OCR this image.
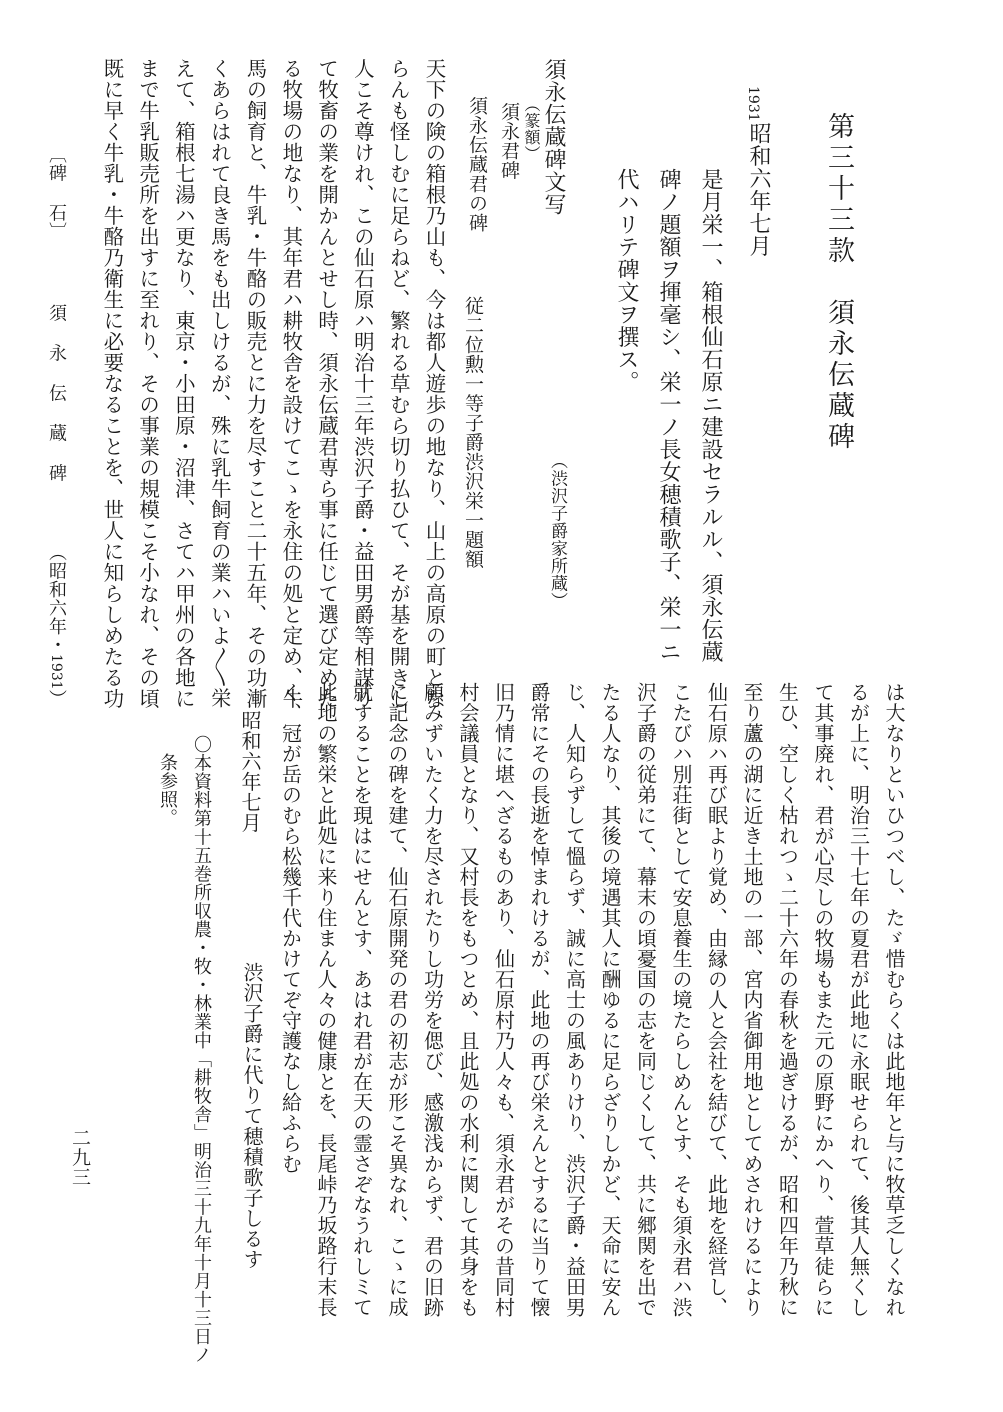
第三十三款　須永伝蔵碑
1931
昭和六年七月
是月栄一、箱根仙石原ニ建設セラルル、須永伝蔵
碑ノ題額ヲ揮毫シ、栄一ノ長女穂積歌子、栄一ニ
代ハリテ碑文ヲ撰ス。
（渋沢子爵家所蔵）
須永伝蔵碑文写
（篆額）
須永君碑
須永伝蔵君の碑
従二位勲一等子爵渋沢栄一題額
天下の険の箱根乃山も、今は都人遊歩の地なり、山上の高原の町とな
らんも怪しむに足らねど、繁れる草むら切り払ひて、そが基を開きし
人こそ尊けれ、この仙石原ハ明治十三年渋沢子爵・益田男爵等相謀り
て牧畜の業を開かんとせし時、須永伝蔵君専ら事に任じて選び定めた
る牧場の地なり、其年君ハ耕牧舎を設けてこゝを永住の処と定め、牛
馬の飼育と、牛乳・牛酪の販売とに力を尽すこと二十五年、その功漸
くあらはれて良き馬をも出しけるが、殊に乳牛飼育の業ハいよ〳〵栄
えて、箱根七湯ハ更なり、東京・小田原・沼津、さてハ甲州の各地に
まで牛乳販売所を出すに至れり、その事業の規模こそ小なれ、その頃
既に早く牛乳・牛酪乃衛生に必要なることを、世人に知らしめたる功
〔碑 石〕  須 永 伝 蔵 碑  （昭和六年・1931）	は大なりといひつべし、たゞ惜むらくは此地年と与に牧草乏しくなれ
るが上に、明治三十七年の夏君が此地に永眠せられて、後其人無くし
て其事廃れ、君が心尽しの牧場もまた元の原野にかへり、萱草徒らに
生ひ、空しく枯れつゝ二十六年の春秋を過ぎけるが、昭和四年乃秋に
至り蘆の湖に近き土地の一部、宮内省御用地としてめされけるにより
仙石原ハ再び眠より覚め、由縁の人と会社を結びて、此地を経営し、
こたびハ別荘街として安息養生の境たらしめんとす、そも須永君ハ渋
沢子爵の従弟にて、幕末の頃憂国の志を同じくして、共に郷関を出で
たる人なり、其後の境遇其人に酬ゆるに足らざりしかど、天命に安ん
じ、人知らずして慍らず、誠に高士の風ありけり、渋沢子爵・益田男
爵常にその長逝を悼まれけるが、此地の再び栄えんとするに当りて懐
旧乃情に堪へざるものあり、仙石原村乃人々も、須永君がその昔同村
村会議員となり、又村長をもつとめ、且此処の水利に関して其身をも
顧みずいたく力を尽されたりし功労を偲び、感激浅からず、君の旧跡
に記念の碑を建て、仙石原開発の君の初志が形こそ異なれ、こゝに成
就することを現はにせんとす、あはれ君が在天の霊さぞなうれしミて
此地の繁栄と此処に来り住まん人々の健康とを、長尾峠乃坂路行末長
く、冠が岳のむら松幾千代かけてぞ守護なし給ふらむ
昭和六年七月
渋沢子爵に代りて穂積歌子しるす
〇本資料第十五巻所収農・牧・林業中「耕牧舎」明治三十九年十月十三日ノ
条参照。
二九三
